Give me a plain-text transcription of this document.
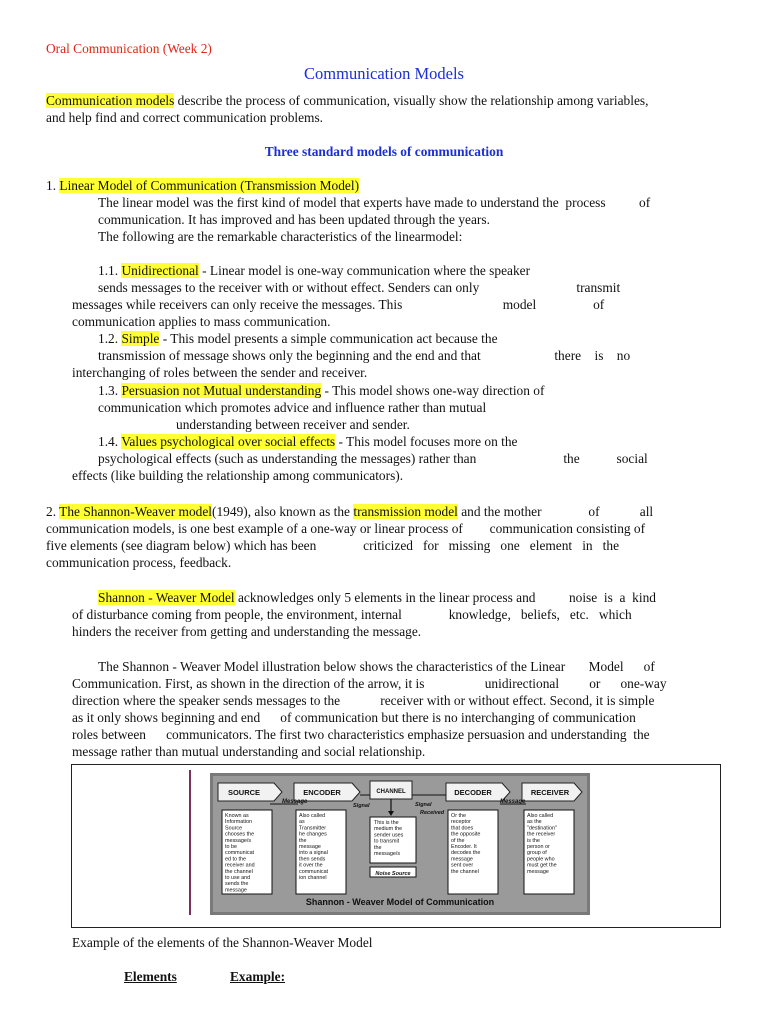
Oral Communication (Week 2)
Communication Models
Communication models describe the process of communication, visually show the relationship among variables,
and help find and correct communication problems.
Three standard models of communication
1. Linear Model of Communication (Transmission Model)
The linear model was the first kind of model that experts have made to understand the  process          of
communication. It has improved and has been updated through the years.
The following are the remarkable characteristics of the linearmodel:
1.1. Unidirectional - Linear model is one-way communication where the speaker
sends messages to the receiver with or without effect. Senders can only                             transmit
messages while receivers can only receive the messages. This                              model                 of
communication applies to mass communication.
1.2. Simple - This model presents a simple communication act because the
transmission of message shows only the beginning and the end and that                      there    is    no
interchanging of roles between the sender and receiver.
1.3. Persuasion not Mutual understanding - This model shows one-way direction of
communication which promotes advice and influence rather than mutual
understanding between receiver and sender.
1.4. Values psychological over social effects - This model focuses more on the
psychological effects (such as understanding the messages) rather than                          the           social
effects (like building the relationship among communicators).
2. The Shannon-Weaver model(1949), also known as the transmission model and the mother              of            all
communication models, is one best example of a one-way or linear process of        communication consisting of
five elements (see diagram below) which has been              criticized   for   missing   one   element   in   the
communication process, feedback.
Shannon - Weaver Model acknowledges only 5 elements in the linear process and          noise  is  a  kind
of disturbance coming from people, the environment, internal              knowledge,   beliefs,   etc.   which
hinders the receiver from getting and understanding the message.
The Shannon - Weaver Model illustration below shows the characteristics of the Linear       Model      of
Communication. First, as shown in the direction of the arrow, it is                  unidirectional         or      one-way
direction where the speaker sends messages to the            receiver with or without effect. Second, it is simple
as it only shows beginning and end      of communication but there is no interchanging of communication
roles between      communicators. The first two characteristics emphasize persuasion and understanding  the
message rather than mutual understanding and social relationship.
SOURCE	ENCODER	CHANNEL	DECODER	RECEIVER
Message
Signal	Signal
Received
Message
Noise Source
Known as
Information
Source
chooses the
message/s
to be
communicat
ed to the
receiver and
the channel
to use and
sends the
message
Also called
as
Transmitter
he changes
the
message
into a signal
then sends
it over the
communicat
ion channel
This is the
medium the
sender uses
to transmit
the
message/s
Or the
receptor
that does
the opposite
of the
Encoder. It
decodes the
message
sent over
the channel
Also called
as the
"destination"
the receiver
is the
person or
group of
people who
must get the
message
Shannon - Weaver Model of Communication
Example of the elements of the Shannon-Weaver Model
Elements	Example:
